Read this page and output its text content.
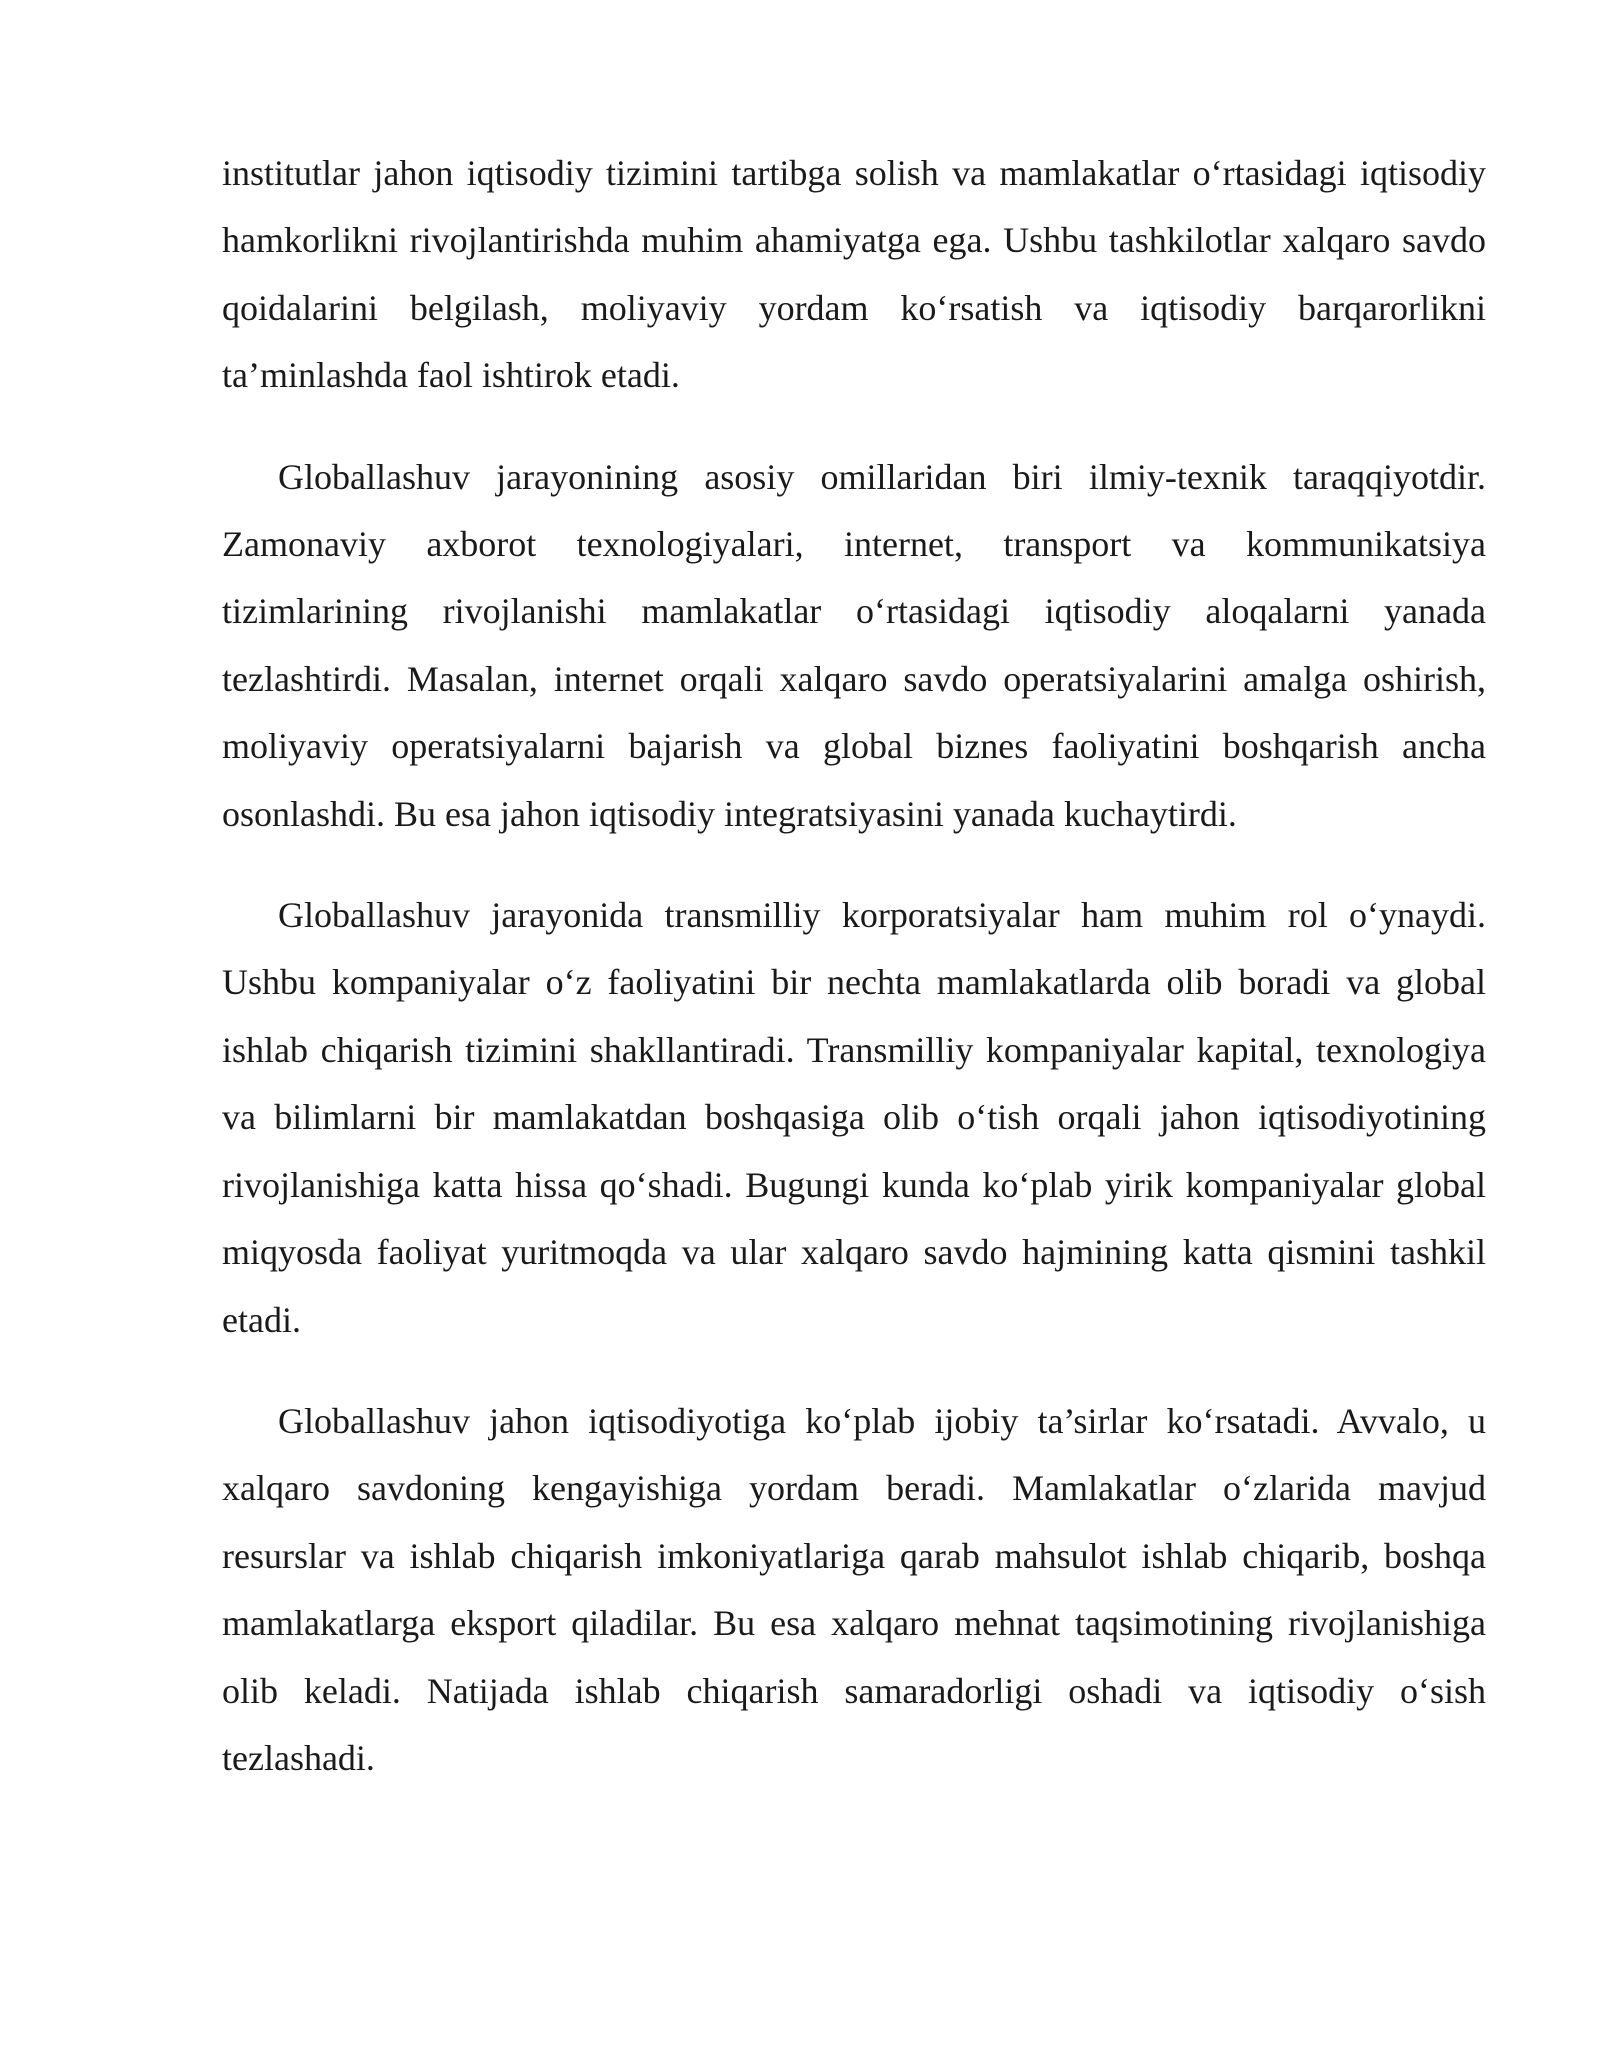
institutlar jahon iqtisodiy tizimini tartibga solish va mamlakatlar o‘rtasidagi iqtisodiy hamkorlikni rivojlantirishda muhim ahamiyatga ega. Ushbu tashkilotlar xalqaro savdo qoidalarini belgilash, moliyaviy yordam ko‘rsatish va iqtisodiy barqarorlikni ta’minlashda faol ishtirok etadi.

Globallashuv jarayonining asosiy omillaridan biri ilmiy-texnik taraqqiyotdir. Zamonaviy axborot texnologiyalari, internet, transport va kommunikatsiya tizimlarining rivojlanishi mamlakatlar o‘rtasidagi iqtisodiy aloqalarni yanada tezlashtirdi. Masalan, internet orqali xalqaro savdo operatsiyalarini amalga oshirish, moliyaviy operatsiyalarni bajarish va global biznes faoliyatini boshqarish ancha osonlashdi. Bu esa jahon iqtisodiy integratsiyasini yanada kuchaytirdi.

Globallashuv jarayonida transmilliy korporatsiyalar ham muhim rol o‘ynaydi. Ushbu kompaniyalar o‘z faoliyatini bir nechta mamlakatlarda olib boradi va global ishlab chiqarish tizimini shakllantiradi. Transmilliy kompaniyalar kapital, texnologiya va bilimlarni bir mamlakatdan boshqasiga olib o‘tish orqali jahon iqtisodiyotining rivojlanishiga katta hissa qo‘shadi. Bugungi kunda ko‘plab yirik kompaniyalar global miqyosda faoliyat yuritmoqda va ular xalqaro savdo hajmining katta qismini tashkil etadi.

Globallashuv jahon iqtisodiyotiga ko‘plab ijobiy ta’sirlar ko‘rsatadi. Avvalo, u xalqaro savdoning kengayishiga yordam beradi. Mamlakatlar o‘zlarida mavjud resurslar va ishlab chiqarish imkoniyatlariga qarab mahsulot ishlab chiqarib, boshqa mamlakatlarga eksport qiladilar. Bu esa xalqaro mehnat taqsimotining rivojlanishiga olib keladi. Natijada ishlab chiqarish samaradorligi oshadi va iqtisodiy o‘sish tezlashadi.
